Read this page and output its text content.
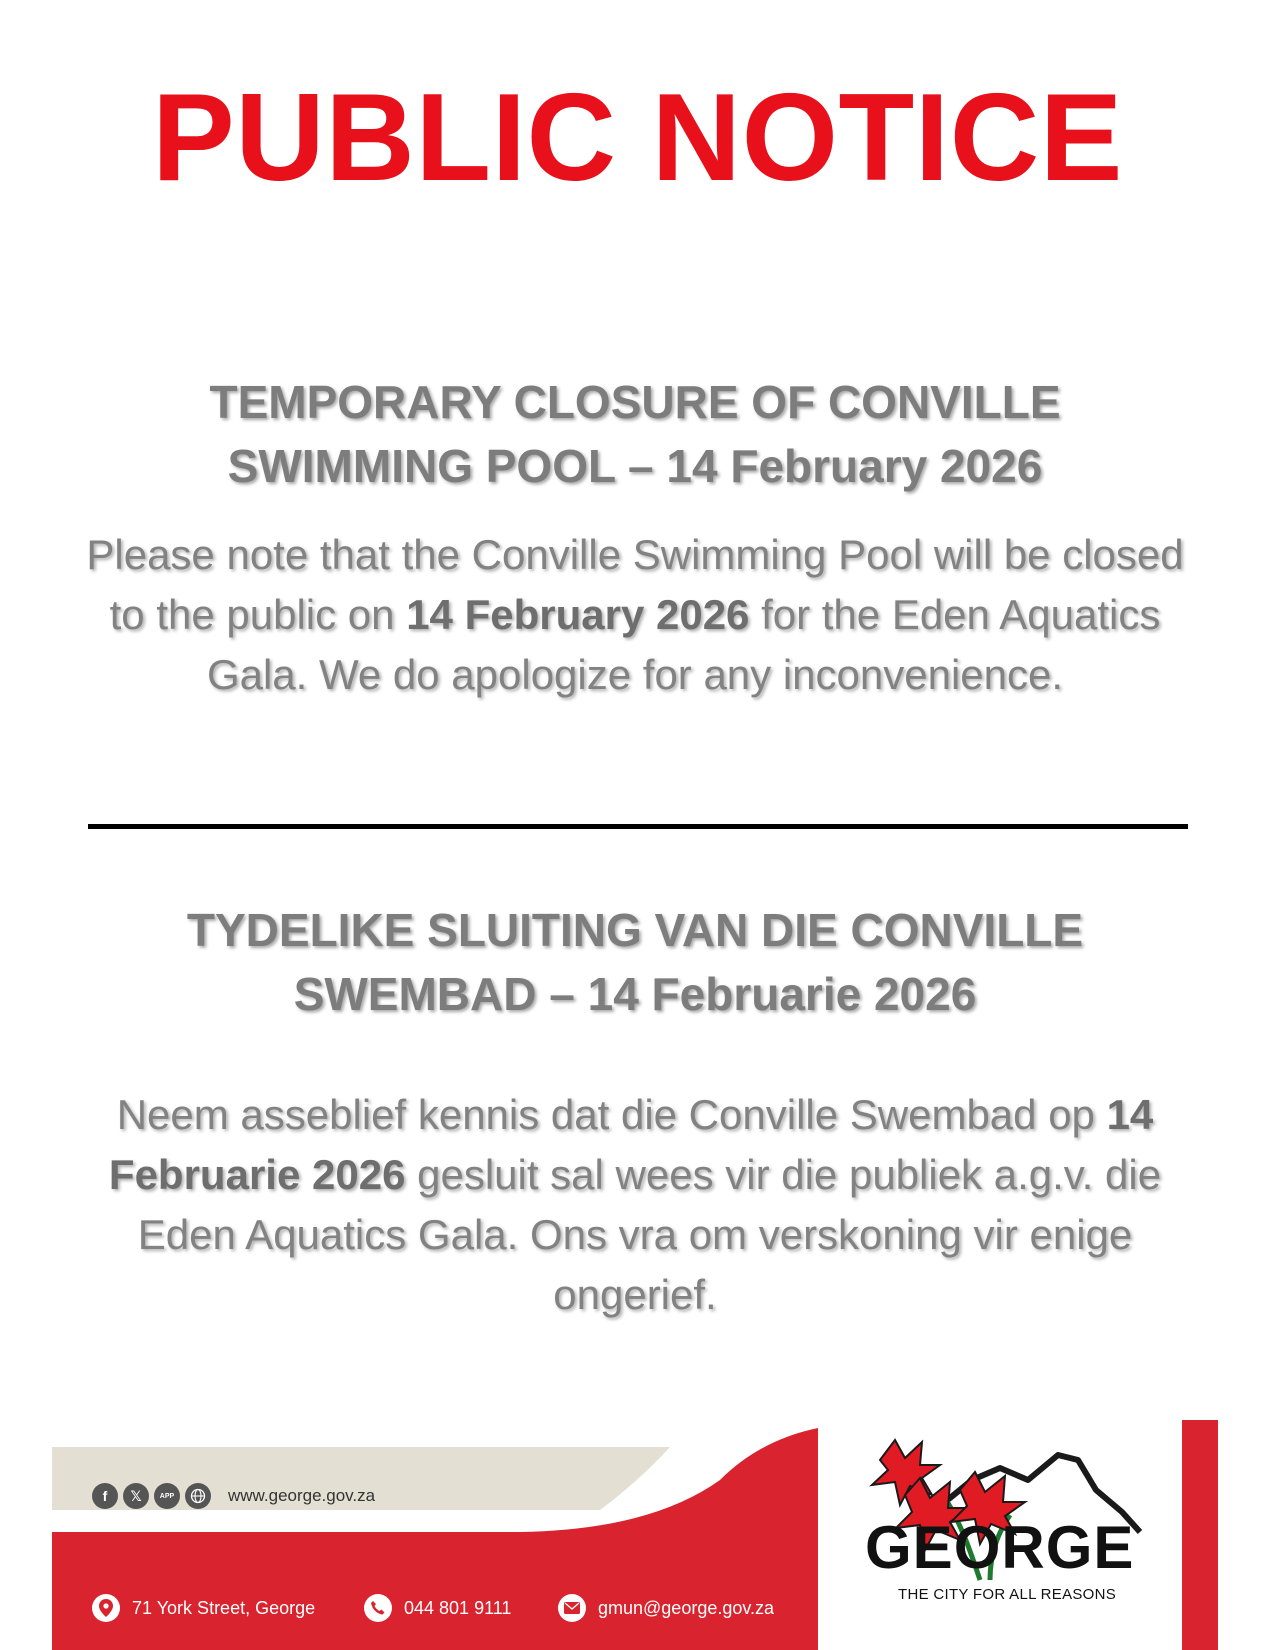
PUBLIC NOTICE

TEMPORARY CLOSURE OF CONVILLE

SWIMMING POOL – 14 February 2026

Please note that the Conville Swimming Pool will be closed to the public on 14 February 2026 for the Eden Aquatics Gala. We do apologize for any inconvenience.

TYDELIKE SLUITING VAN DIE CONVILLE

SWEMBAD – 14 Februarie 2026

Neem asseblief kennis dat die Conville Swembad op 14 Februarie 2026 gesluit sal wees vir die publiek a.g.v. die Eden Aquatics Gala. Ons vra om verskoning vir enige ongerief.

f	𝕏	APP	www.george.gov.za
71 York Street, George	044 801 9111	gmun@george.gov.za
GEORGE
THE CITY FOR ALL REASONS
